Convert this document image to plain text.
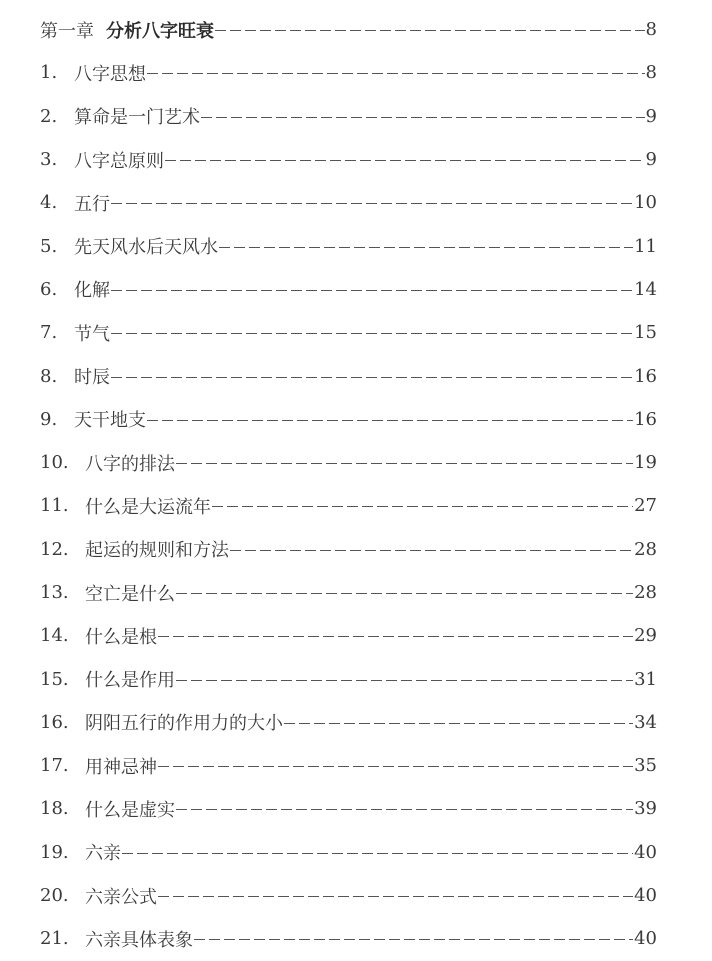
第一章 分析八字旺衰	8
1. 八字思想	8
2. 算命是一门艺术	9
3. 八字总原则	9
4. 五行	10
5. 先天风水后天风水	11
6. 化解	14
7. 节气	15
8. 时辰	16
9. 天干地支	16
10. 八字的排法	19
11. 什么是大运流年	27
12. 起运的规则和方法	28
13. 空亡是什么	28
14. 什么是根	29
15. 什么是作用	31
16. 阴阳五行的作用力的大小	34
17. 用神忌神	35
18. 什么是虚实	39
19. 六亲	40
20. 六亲公式	40
21. 六亲具体表象	40
